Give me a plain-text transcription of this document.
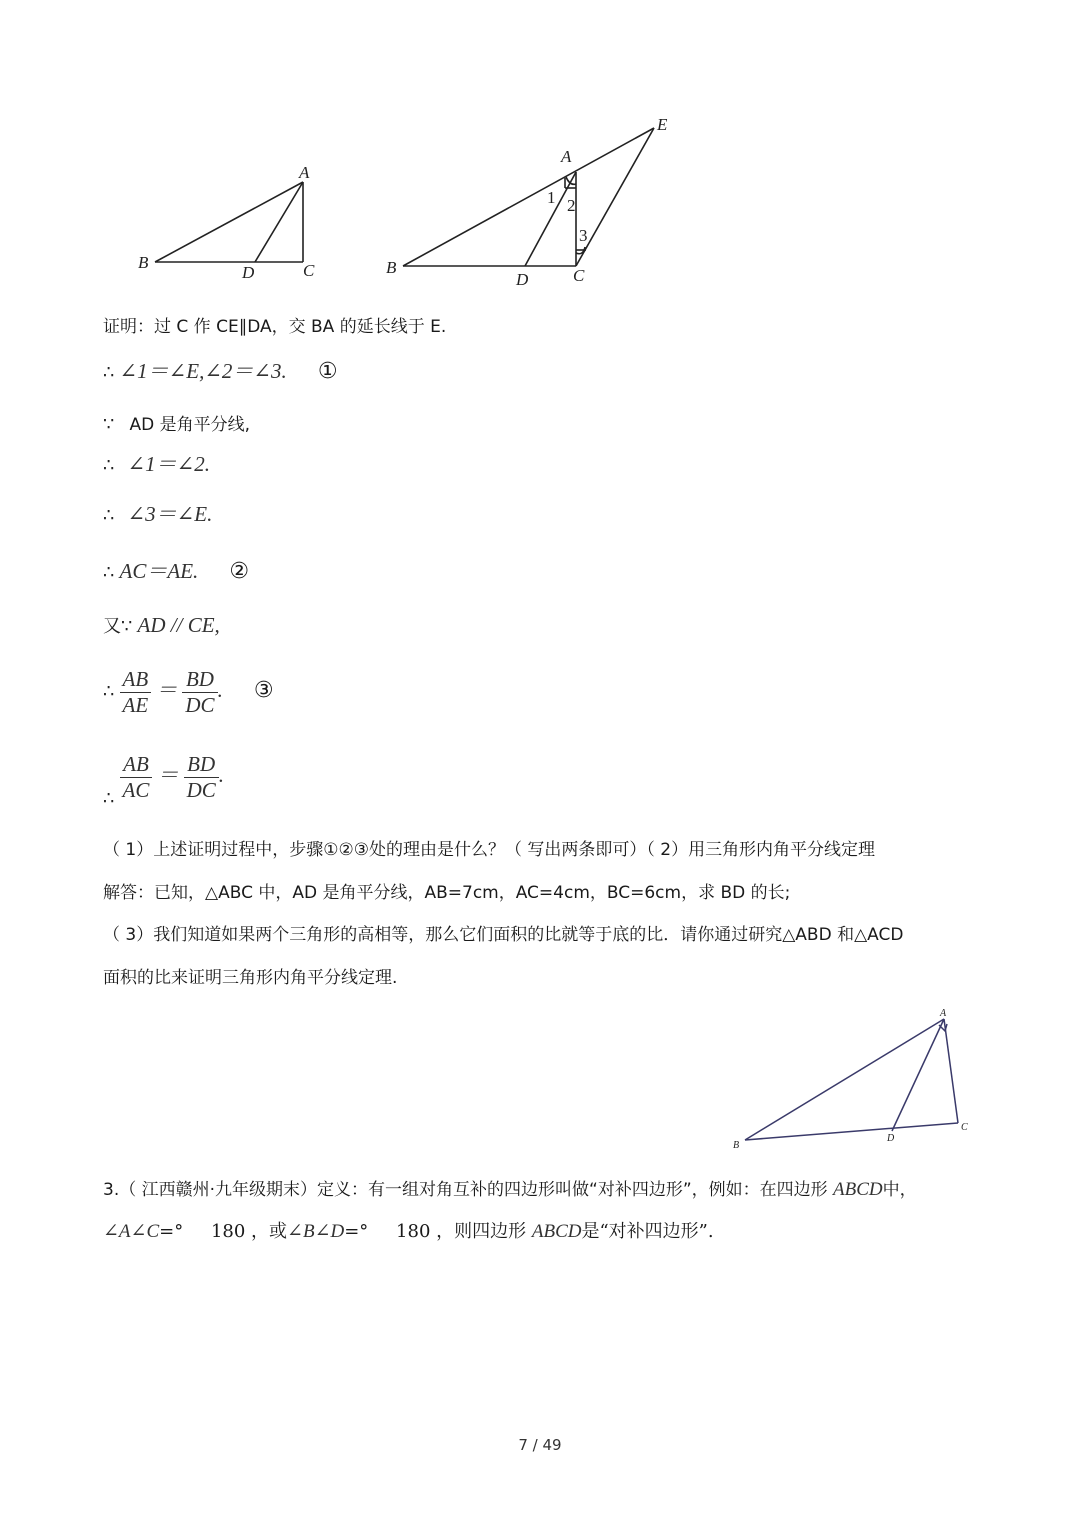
A
B	C
D
A
B	C
D
E
1 2
3
证明：过 C 作 CE∥DA，交 BA 的延长线于 E.
∴ ∠1＝∠E,∠2＝∠3. ①
∵ AD 是角平分线,
∴ ∠1＝∠2.
∴ ∠3＝∠E.
∴ AC＝AE. ②
又∵ AD // CE,
∴ $\frac{AB}{AE} = \frac{BD}{DC}$ . ③
∴ $\frac{AB}{AC} = \frac{BD}{DC}$ .
（ 1）上述证明过程中，步骤①②③处的理由是什么？（ 写出两条即可）（ 2）用三角形内角平分线定理
解答：已知，△ABC 中，AD 是角平分线，AB=7cm，AC=4cm，BC=6cm，求 BD 的长;
（ 3）我们知道如果两个三角形的高相等，那么它们面积的比就等于底的比．请你通过研究△ABD 和△ACD
面积的比来证明三角形内角平分线定理.
A
B
C
D
3.（ 江西赣州·九年级期末）定义：有一组对角互补的四边形叫做“对补四边形”，例如：在四边形 ABCD中，
∠A∠C=° 180 ，或∠B∠D=° 180 ，则四边形 ABCD是“对补四边形”.
7 / 49
